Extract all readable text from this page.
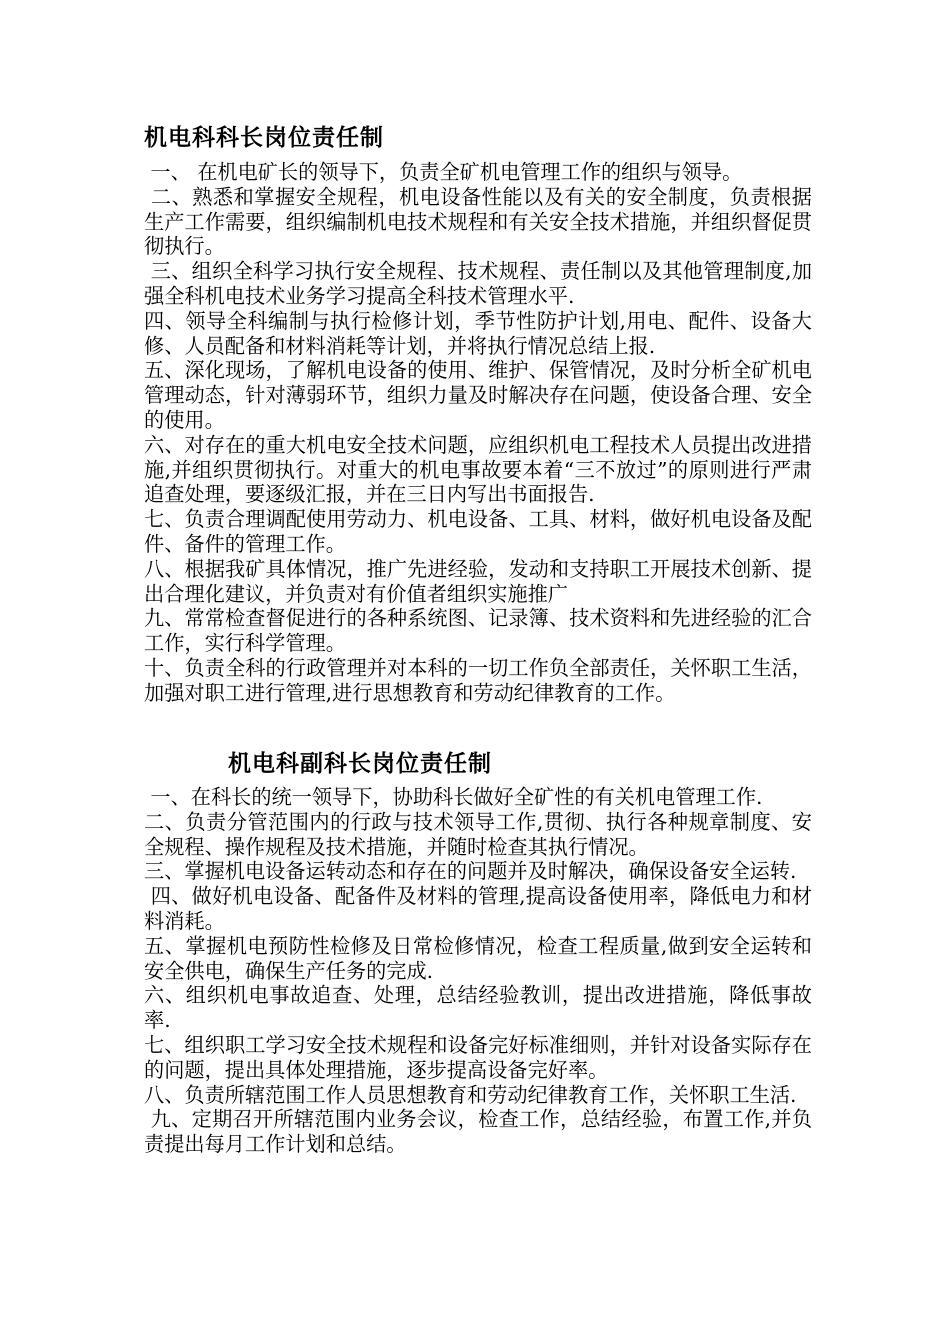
机电科科长岗位责任制

一、 在机电矿长的领导下，负责全矿机电管理工作的组织与领导。

二、熟悉和掌握安全规程，机电设备性能以及有关的安全制度，负责根据生产工作需要，组织编制机电技术规程和有关安全技术措施，并组织督促贯彻执行。

三、组织全科学习执行安全规程、技术规程、责任制以及其他管理制度,加强全科机电技术业务学习提高全科技术管理水平.

四、领导全科编制与执行检修计划，季节性防护计划,用电、配件、设备大修、人员配备和材料消耗等计划，并将执行情况总结上报.

五、深化现场，了解机电设备的使用、维护、保管情况，及时分析全矿机电管理动态，针对薄弱环节，组织力量及时解决存在问题，使设备合理、安全的使用。

六、对存在的重大机电安全技术问题，应组织机电工程技术人员提出改进措施,并组织贯彻执行。对重大的机电事故要本着“三不放过”的原则进行严肃追查处理，要逐级汇报，并在三日内写出书面报告.

七、负责合理调配使用劳动力、机电设备、工具、材料，做好机电设备及配件、备件的管理工作。

八、根据我矿具体情况，推广先进经验，发动和支持职工开展技术创新、提出合理化建议，并负责对有价值者组织实施推广

九、常常检查督促进行的各种系统图、记录簿、技术资料和先进经验的汇合工作，实行科学管理。

十、负责全科的行政管理并对本科的一切工作负全部责任，关怀职工生活，加强对职工进行管理,进行思想教育和劳动纪律教育的工作。

机电科副科长岗位责任制

一、在科长的统一领导下，协助科长做好全矿性的有关机电管理工作.

二、负责分管范围内的行政与技术领导工作,贯彻、执行各种规章制度、安全规程、操作规程及技术措施，并随时检查其执行情况。

三、掌握机电设备运转动态和存在的问题并及时解决，确保设备安全运转.

四、做好机电设备、配备件及材料的管理,提高设备使用率，降低电力和材料消耗。

五、掌握机电预防性检修及日常检修情况，检查工程质量,做到安全运转和安全供电，确保生产任务的完成.

六、组织机电事故追查、处理，总结经验教训，提出改进措施，降低事故率.

七、组织职工学习安全技术规程和设备完好标准细则，并针对设备实际存在的问题，提出具体处理措施，逐步提高设备完好率。

八、负责所辖范围工作人员思想教育和劳动纪律教育工作，关怀职工生活.

九、定期召开所辖范围内业务会议，检查工作，总结经验，布置工作,并负责提出每月工作计划和总结。
